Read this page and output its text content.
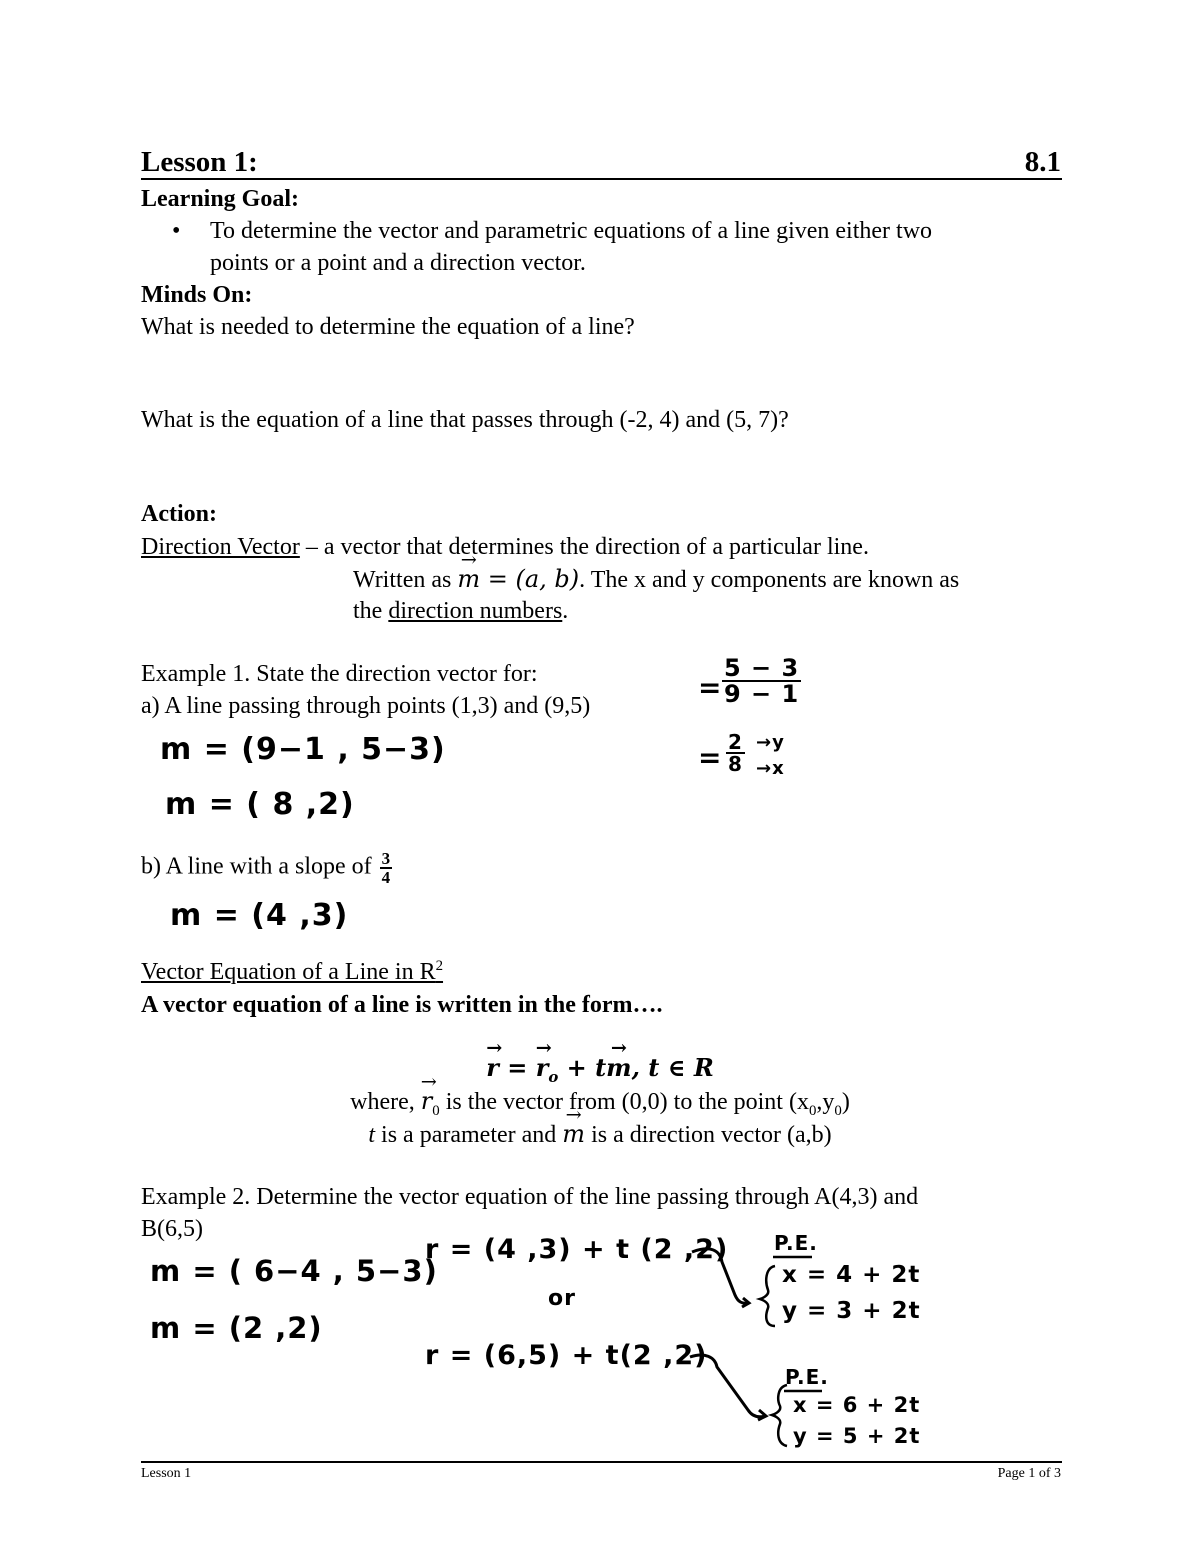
Lesson 1:	8.1
Learning Goal:
• To determine the vector and parametric equations of a line given either two
points or a point and a direction vector.
Minds On:
What is needed to determine the equation of a line?
What is the equation of a line that passes through (-2, 4) and (5, 7)?
Action:
Direction Vector – a vector that determines the direction of a particular line.
Written as → m = (a, b). The x and y components are known as
the direction numbers.
Example 1. State the direction vector for:
a) A line passing through points (1,3) and (9,5)
m = (9−1 , 5−3)
m = ( 8 ,2)
= $\frac{5 - 3}{9 - 1}$
= $\frac{2}{8} \to y$
→x
b) A line with a slope of $\frac{3}{4}$
m = (4 ,3)
Vector Equation of a Line in $R^2$
A vector equation of a line is written in the form….
→ r = → $r_o + t\to m$, t ∈ R
where, → $r_0$ is the vector from (0,0) to the point $(x_0,y_0)$
t is a parameter and → m is a direction vector (a,b)
Example 2. Determine the vector equation of the line passing through A(4,3) and
B(6,5)
m = ( 6−4 , 5−3)
m = (2 ,2)
r = (4 ,3) + t (2 ,2)
or
r = (6,5) + t(2 ,2)
P.E.
x = 4 + 2t
y = 3 + 2t
P.E.
x = 6 + 2t
y = 5 + 2t
Lesson 1	Page 1 of 3
